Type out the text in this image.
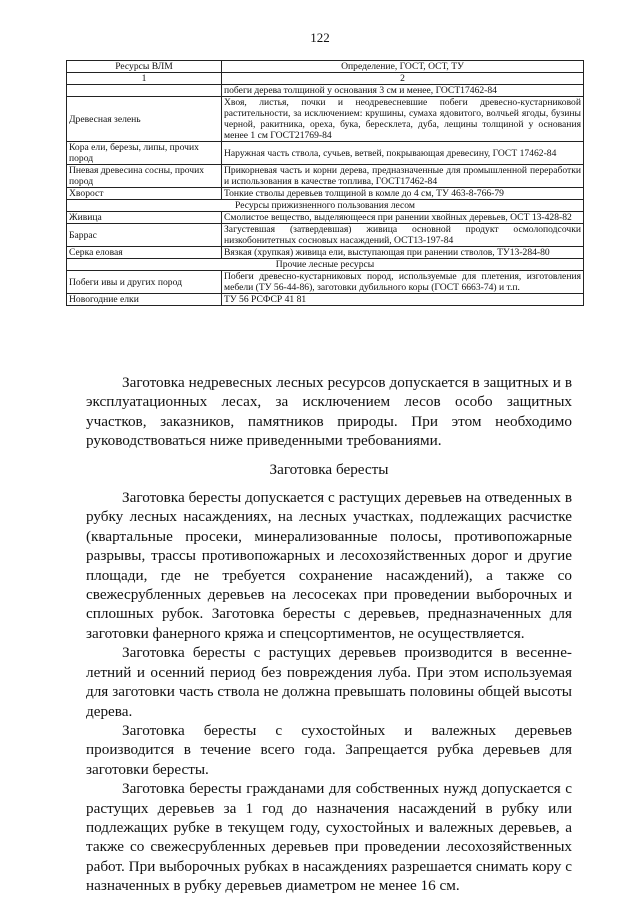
122
Ресурсы ВЛМ	Определение, ГОСТ, ОСТ, ТУ
1	2
	побеги дерева толщиной у основания 3 см и менее, ГОСТ17462-84
Древесная зелень	Хвоя, листья, почки и неодревесневшие побеги древесно-кустарниковой растительности, за исключением: крушины, сумаха ядовитого, волчьей ягоды, бузины черной, ракитника, ореха, бука, бересклета, дуба, лещины толщиной у основания менее 1 см ГОСТ21769-84
Кора ели, березы, липы, прочих пород	Наружная часть ствола, сучьев, ветвей, покрывающая древесину, ГОСТ 17462-84
Пневая древесина сосны, прочих пород	Прикорневая часть и корни дерева, предназначенные для промышленной переработки и использования в качестве топлива, ГОСТ17462-84
Хворост	Тонкие стволы деревьев толщиной в комле до 4 см, ТУ 463-8-766-79
Ресурсы прижизненного пользования лесом	
Живица	Смолистое вещество, выделяющееся при ранении хвойных деревьев, ОСТ 13-428-82
Баррас	Загустевшая (затвердевшая) живица основной продукт осмолоподсочки низкобонитетных сосновых насаждений, ОСТ13-197-84
Серка еловая	Вязкая (хрупкая) живица ели, выступающая при ранении стволов, ТУ13-284-80
Прочие лесные ресурсы	
Побеги ивы и других пород	Побеги древесно-кустарниковых пород, используемые для плетения, изготовления мебели (ТУ 56-44-86), заготовки дубильного коры (ГОСТ 6663-74) и т.п.
Новогодние елки	ТУ 56 РСФСР 41 81

Заготовка недревесных лесных ресурсов допускается в защитных и в эксплуатационных лесах, за исключением лесов особо защитных участков, заказников, памятников природы. При этом необходимо руководствоваться ниже приведенными требованиями.

Заготовка бересты

Заготовка бересты допускается с растущих деревьев на отведенных в рубку лесных насаждениях, на лесных участках, подлежащих расчистке (квартальные просеки, минерализованные полосы, противопожарные разрывы, трассы противопожарных и лесохозяйственных дорог и другие площади, где не требуется сохранение насаждений), а также со свежесрубленных деревьев на лесосеках при проведении выборочных и сплошных рубок. Заготовка бересты с деревьев, предназначенных для заготовки фанерного кряжа и спецсортиментов, не осуществляется.

Заготовка бересты с растущих деревьев производится в весенне-летний и осенний период без повреждения луба. При этом используемая для заготовки часть ствола не должна превышать половины общей высоты дерева.

Заготовка бересты с сухостойных и валежных деревьев производится в течение всего года. Запрещается рубка деревьев для заготовки бересты.

Заготовка бересты гражданами для собственных нужд допускается с растущих деревьев за 1 год до назначения насаждений в рубку или подлежащих рубке в текущем году, сухостойных и валежных деревьев, а также со свежесрубленных деревьев при проведении лесохозяйственных работ. При выборочных рубках в насаждениях разрешается снимать кору с назначенных в рубку деревьев диаметром не менее 16 см.
